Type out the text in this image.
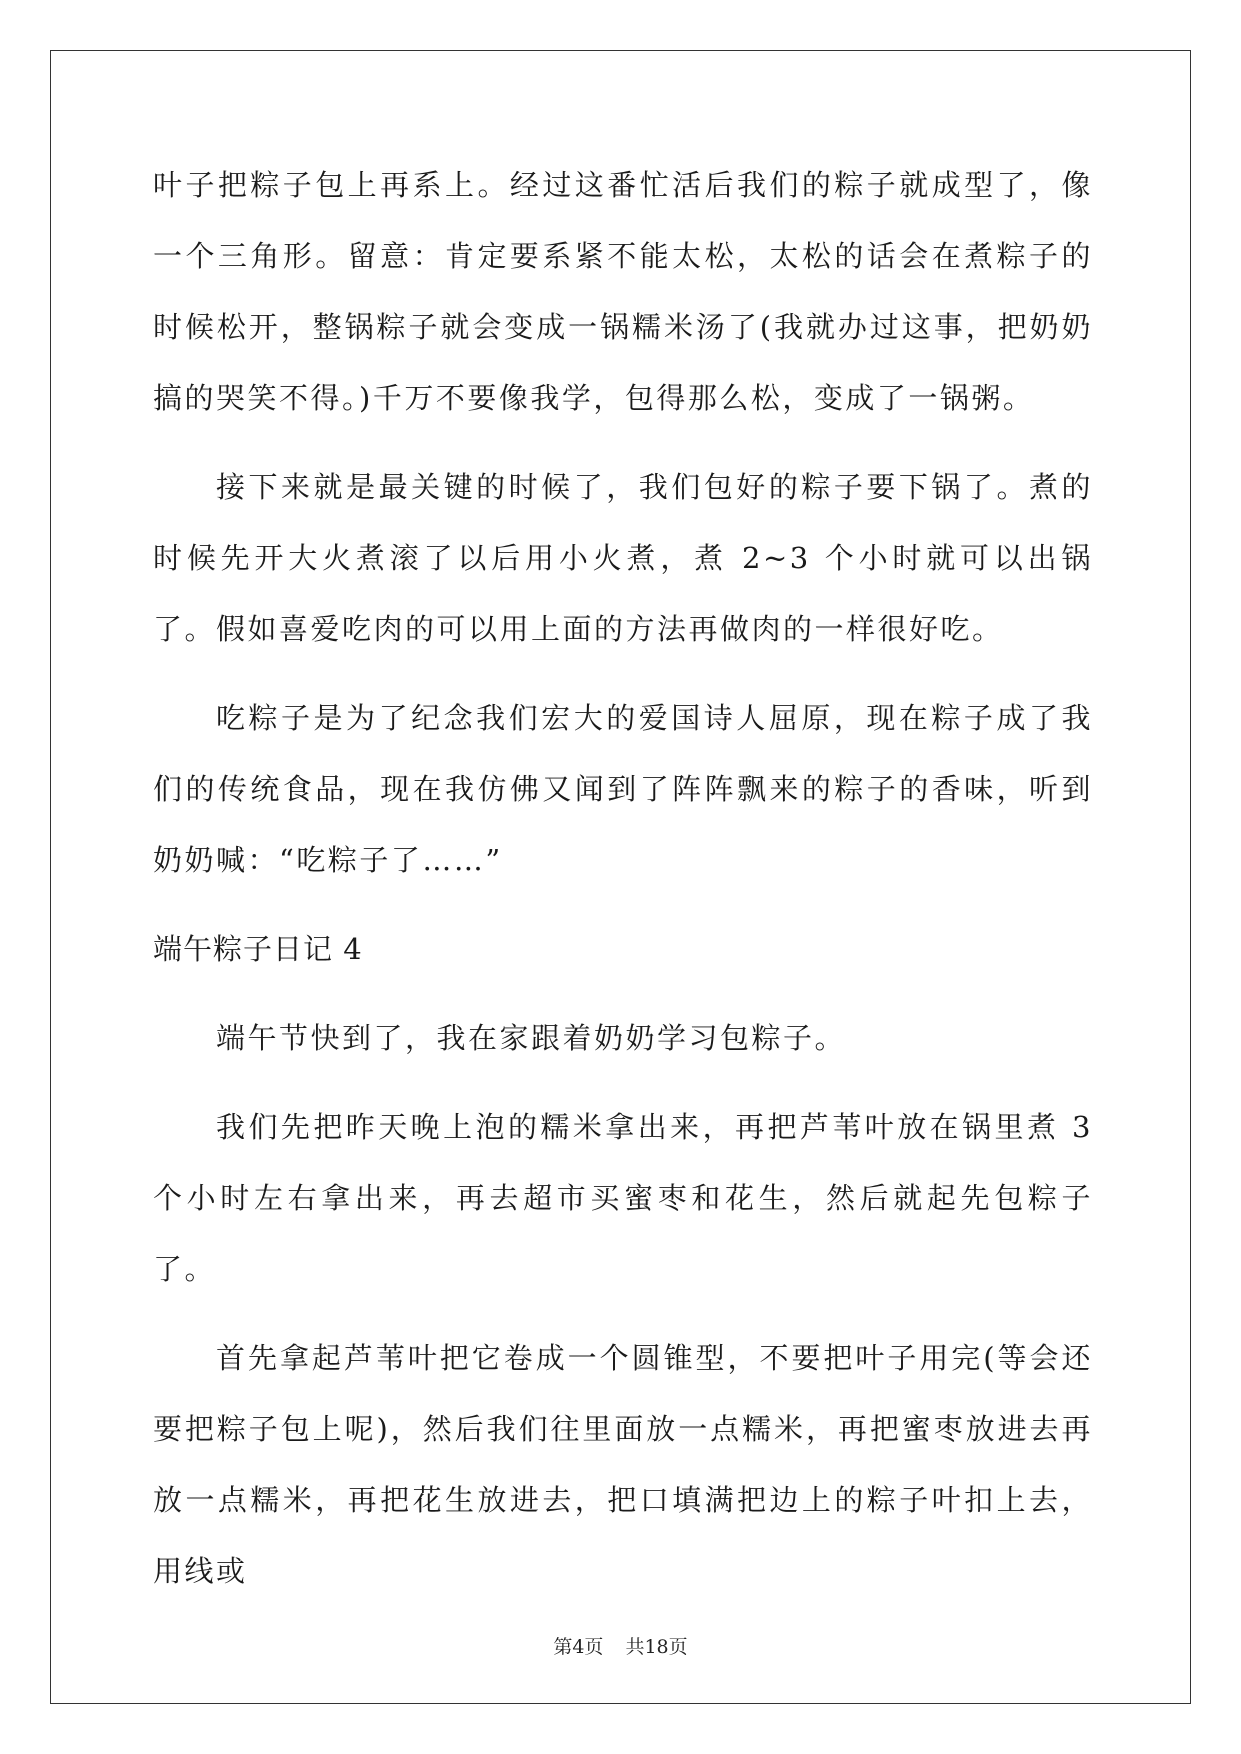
叶子把粽子包上再系上。经过这番忙活后我们的粽子就成型了，像一个三角形。留意：肯定要系紧不能太松，太松的话会在煮粽子的时候松开，整锅粽子就会变成一锅糯米汤了(我就办过这事，把奶奶搞的哭笑不得。)千万不要像我学，包得那么松，变成了一锅粥。

接下来就是最关键的时候了，我们包好的粽子要下锅了。煮的时候先开大火煮滚了以后用小火煮，煮 2~3 个小时就可以出锅了。假如喜爱吃肉的可以用上面的方法再做肉的一样很好吃。

吃粽子是为了纪念我们宏大的爱国诗人屈原，现在粽子成了我们的传统食品，现在我仿佛又闻到了阵阵飘来的粽子的香味，听到奶奶喊：“吃粽子了……”

端午粽子日记 4

端午节快到了，我在家跟着奶奶学习包粽子。

我们先把昨天晚上泡的糯米拿出来，再把芦苇叶放在锅里煮 3 个小时左右拿出来，再去超市买蜜枣和花生，然后就起先包粽子了。

首先拿起芦苇叶把它卷成一个圆锥型，不要把叶子用完(等会还要把粽子包上呢)，然后我们往里面放一点糯米，再把蜜枣放进去再放一点糯米，再把花生放进去，把口填满把边上的粽子叶扣上去，用线或

第4页 共18页
